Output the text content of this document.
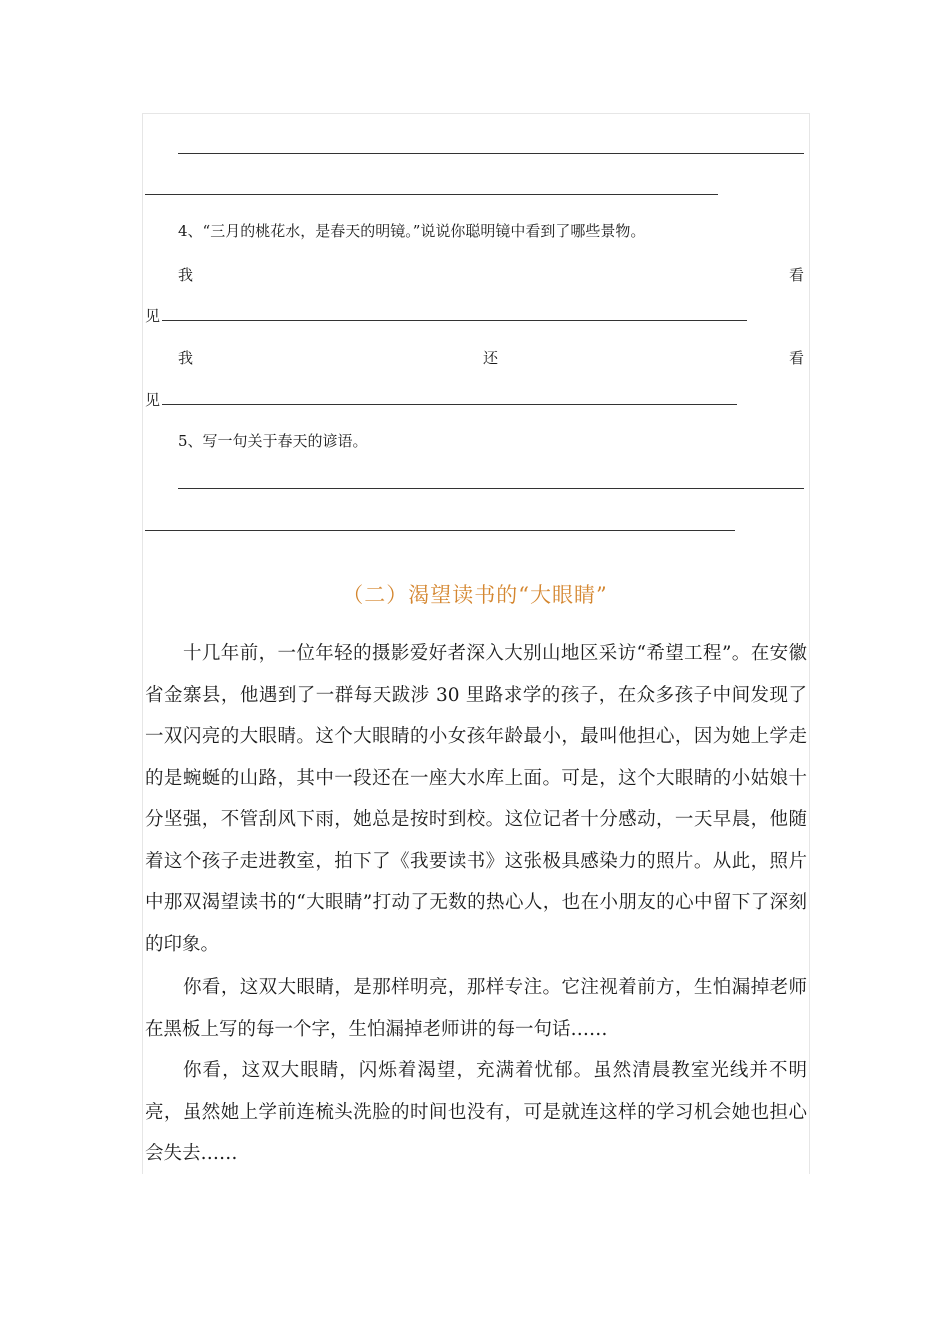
4、“三月的桃花水，是春天的明镜。”说说你聪明镜中看到了哪些景物。
我	看
见
我	还	看
见
5、写一句关于春天的谚语。
（二）渴望读书的“大眼睛”

十几年前，一位年轻的摄影爱好者深入大别山地区采访“希望工程”。在安徽省金寨县，他遇到了一群每天跋涉 30 里路求学的孩子，在众多孩子中间发现了一双闪亮的大眼睛。这个大眼睛的小女孩年龄最小，最叫他担心，因为她上学走的是蜿蜒的山路，其中一段还在一座大水库上面。可是，这个大眼睛的小姑娘十分坚强，不管刮风下雨，她总是按时到校。这位记者十分感动，一天早晨，他随着这个孩子走进教室，拍下了《我要读书》这张极具感染力的照片。从此，照片中那双渴望读书的“大眼睛”打动了无数的热心人，也在小朋友的心中留下了深刻的印象。

你看，这双大眼睛，是那样明亮，那样专注。它注视着前方，生怕漏掉老师在黑板上写的每一个字，生怕漏掉老师讲的每一句话……

你看，这双大眼睛，闪烁着渴望，充满着忧郁。虽然清晨教室光线并不明亮，虽然她上学前连梳头洗脸的时间也没有，可是就连这样的学习机会她也担心会失去……
